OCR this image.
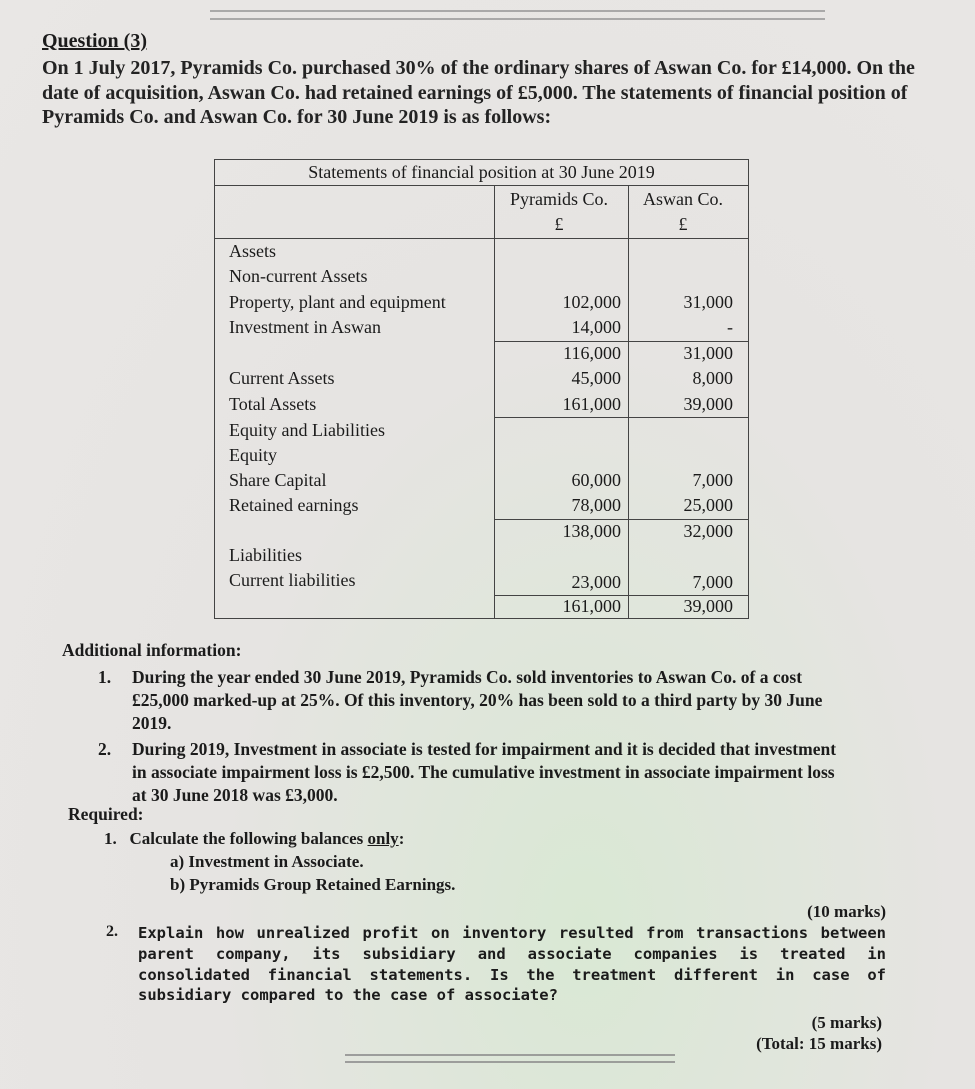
Question (3)
On 1 July 2017, Pyramids Co. purchased 30% of the ordinary shares of Aswan Co. for £14,000. On the
date of acquisition, Aswan Co. had retained earnings of £5,000. The statements of financial position of
Pyramids Co. and Aswan Co. for 30 June 2019 is as follows:
Statements of financial position at 30 June 2019
Pyramids Co.	Aswan Co.
£	£
Assets
Non-current Assets
Property, plant and equipment	102,000	31,000
Investment in Aswan	14,000	-
116,000	31,000
Current Assets	45,000	8,000
Total Assets	161,000	39,000
Equity and Liabilities
Equity
Share Capital	60,000	7,000
Retained earnings	78,000	25,000
138,000	32,000
Liabilities
Current liabilities	23,000	7,000
161,000	39,000
Additional information:
1. During the year ended 30 June 2019, Pyramids Co. sold inventories to Aswan Co. of a cost
£25,000 marked-up at 25%. Of this inventory, 20% has been sold to a third party by 30 June
2019.
2. During 2019, Investment in associate is tested for impairment and it is decided that investment
in associate impairment loss is £2,500. The cumulative investment in associate impairment loss
at 30 June 2018 was £3,000.
Required:
1. Calculate the following balances only:
a) Investment in Associate.
b) Pyramids Group Retained Earnings.
(10 marks)
2. Explain how unrealized profit on inventory resulted from transactions between parent company, its subsidiary and associate companies is treated in consolidated financial statements. Is the treatment different in case of subsidiary compared to the case of associate?
(5 marks)
(Total: 15 marks)
